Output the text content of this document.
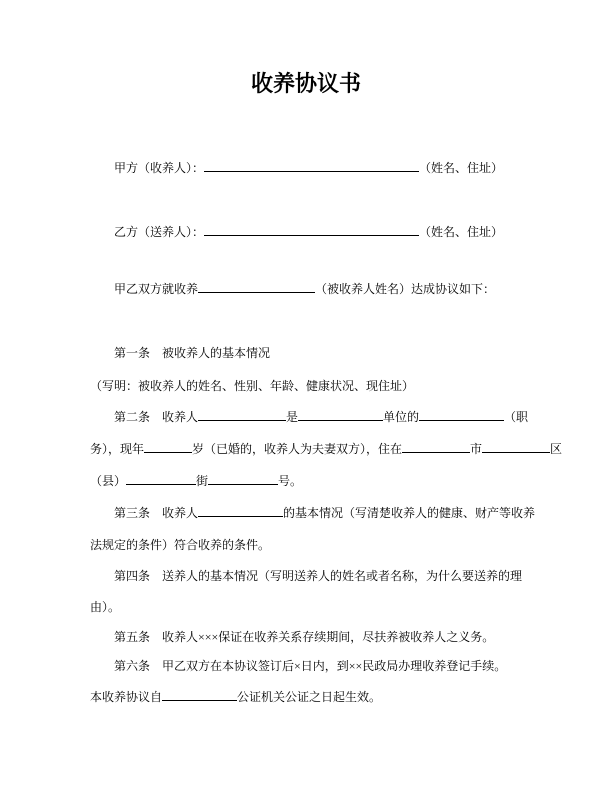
收养协议书
甲方（收养人）：	（姓名、住址）
乙方（送养人）：	（姓名、住址）
甲乙双方就收养	（被收养人姓名）达成协议如下：
第一条　被收养人的基本情况
（写明：被收养人的姓名、性别、年龄、健康状况、现住址）
第二条　收养人	是	单位的	（职
务），现年	岁（已婚的，收养人为夫妻双方），住在	市	区
（县）	街	号。
第三条　收养人	的基本情况（写清楚收养人的健康、财产等收养
法规定的条件）符合收养的条件。
第四条　送养人的基本情况（写明送养人的姓名或者名称，为什么要送养的理
由）。
第五条　收养人×××保证在收养关系存续期间，尽扶养被收养人之义务。
第六条　甲乙双方在本协议签订后×日内，到××民政局办理收养登记手续。
本收养协议自	公证机关公证之日起生效。
